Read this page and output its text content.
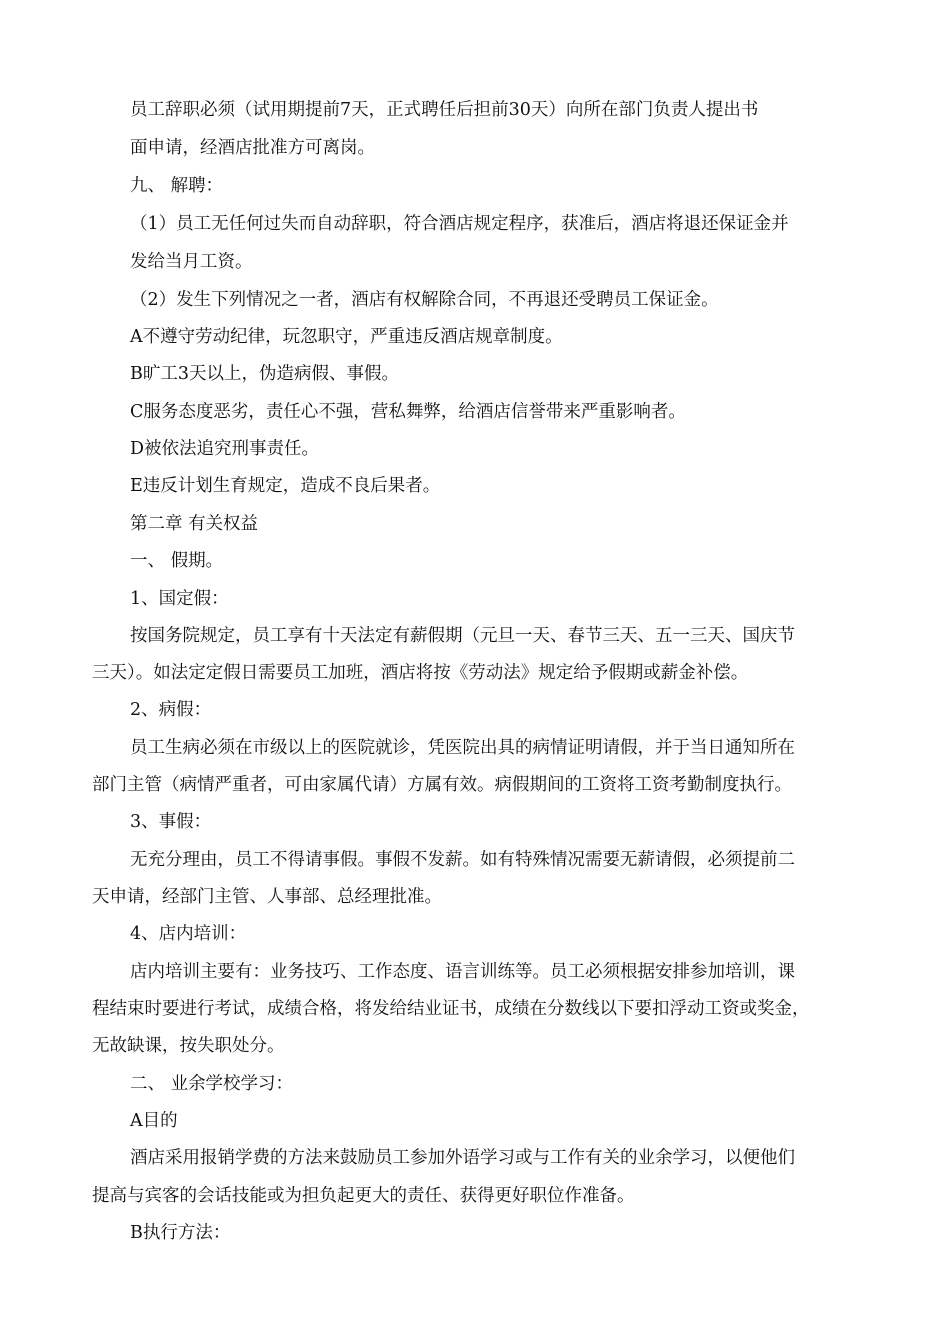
员工辞职必须（试用期提前7天，正式聘任后担前30天）向所在部门负责人提出书
面申请，经酒店批准方可离岗。
九、 解聘：
（1）员工无任何过失而自动辞职，符合酒店规定程序，获准后，酒店将退还保证金并
发给当月工资。
（2）发生下列情况之一者，酒店有权解除合同，不再退还受聘员工保证金。
A不遵守劳动纪律，玩忽职守，严重违反酒店规章制度。
B旷工3天以上，伪造病假、事假。
C服务态度恶劣，责任心不强，营私舞弊，给酒店信誉带来严重影响者。
D被依法追究刑事责任。
E违反计划生育规定，造成不良后果者。
第二章 有关权益
一、 假期。
1、国定假：
按国务院规定，员工享有十天法定有薪假期（元旦一天、春节三天、五一三天、国庆节
三天）。如法定定假日需要员工加班，酒店将按《劳动法》规定给予假期或薪金补偿。
2、病假：
员工生病必须在市级以上的医院就诊，凭医院出具的病情证明请假，并于当日通知所在
部门主管（病情严重者，可由家属代请）方属有效。病假期间的工资将工资考勤制度执行。
3、事假：
无充分理由，员工不得请事假。事假不发薪。如有特殊情况需要无薪请假，必须提前二
天申请，经部门主管、人事部、总经理批准。
4、店内培训：
店内培训主要有：业务技巧、工作态度、语言训练等。员工必须根据安排参加培训，课
程结束时要进行考试，成绩合格，将发给结业证书，成绩在分数线以下要扣浮动工资或奖金，
无故缺课，按失职处分。
二、 业余学校学习：
A目的
酒店采用报销学费的方法来鼓励员工参加外语学习或与工作有关的业余学习，以便他们
提高与宾客的会话技能或为担负起更大的责任、获得更好职位作准备。
B执行方法：
